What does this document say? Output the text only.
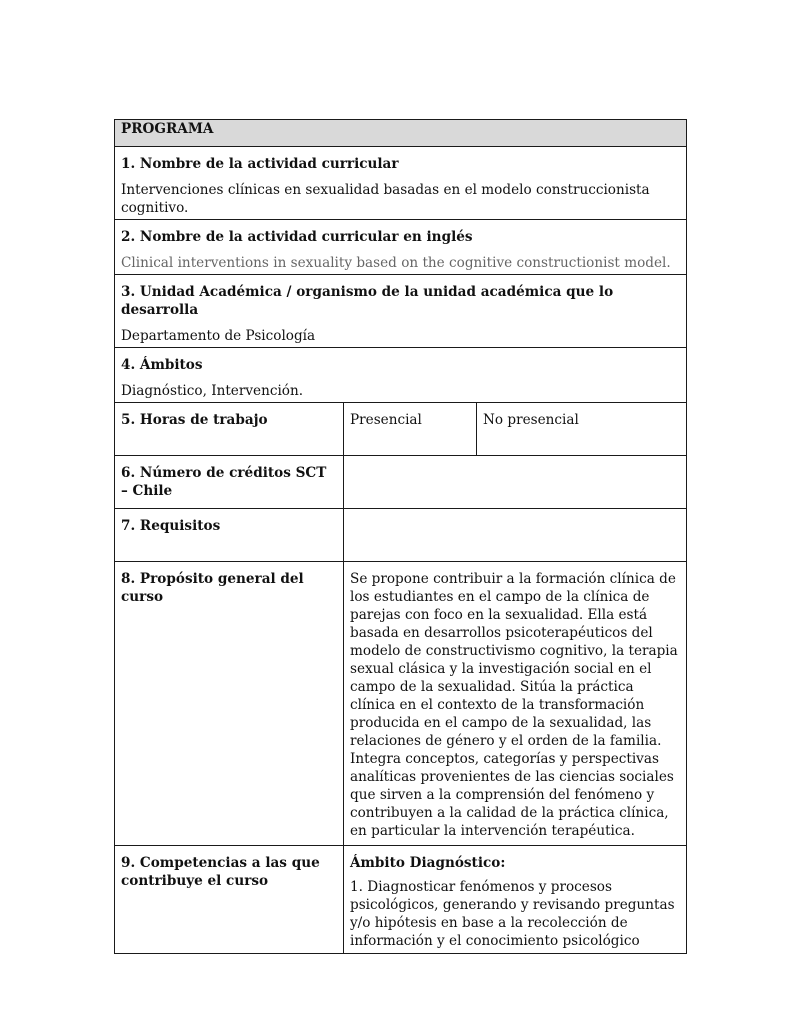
PROGRAMA		

1. Nombre de la actividad curricular
Intervenciones clínicas en sexualidad basadas en el modelo construccionista cognitivo.		

2. Nombre de la actividad curricular en inglés
Clinical interventions in sexuality based on the cognitive constructionist model.		

3. Unidad Académica / organismo de la unidad académica que lo desarrolla
Departamento de Psicología		

4. Ámbitos
Diagnóstico, Intervención.		

5. Horas de trabajo	Presencial	No presencial

6. Número de créditos SCT – Chile		

7. Requisitos		

8. Propósito general del curso	Se propone contribuir a la formación clínica de los estudiantes en el campo de la clínica de parejas con foco en la sexualidad. Ella está basada en desarrollos psicoterapéuticos del modelo de constructivismo cognitivo, la terapia sexual clásica y la investigación social en el campo de la sexualidad. Sitúa la práctica clínica en el contexto de la transformación producida en el campo de la sexualidad, las relaciones de género y el orden de la familia. Integra conceptos, categorías y perspectivas analíticas provenientes de las ciencias sociales que sirven a la comprensión del fenómeno y contribuyen a la calidad de la práctica clínica, en particular la intervención terapéutica.	

9. Competencias a las que contribuye el curso	Ámbito Diagnóstico:

1. Diagnosticar fenómenos y procesos psicológicos, generando y revisando preguntas y/o hipótesis en base a la recolección de información y el conocimiento psicológico	
